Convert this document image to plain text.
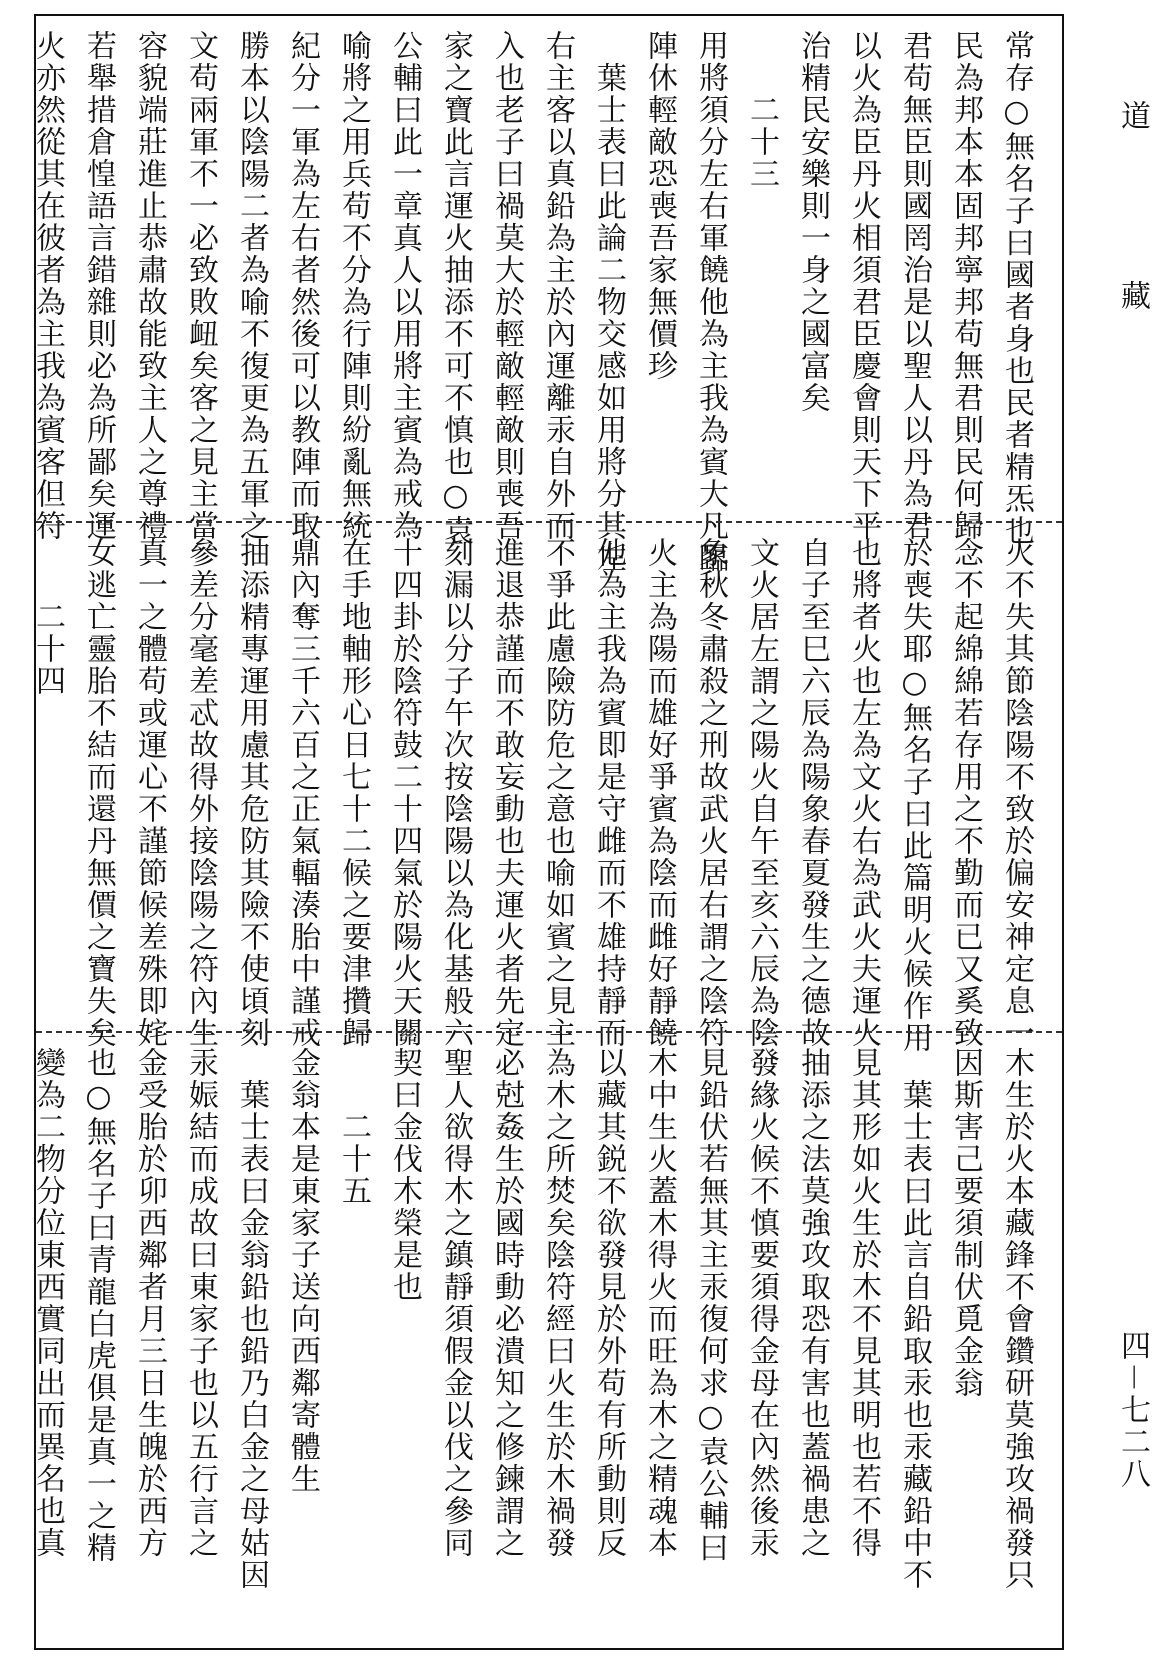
道　藏
四－七二八
常存○無名子曰國者身也民者精炁也
民為邦本本固邦寧邦苟無君則民何歸
君苟無臣則國罔治是以聖人以丹為君
以火為臣丹火相須君臣慶會則天下平
治精民安樂則一身之國富矣
　　二十三
用將須分左右軍饒他為主我為賓大凡臨
陣休輕敵恐喪吾家無價珍
　葉士表曰此論二物交感如用將分其左
右主客以真鉛為主於內運離汞自外而
入也老子曰禍莫大於輕敵輕敵則喪吾
家之寶此言運火抽添不可不慎也○袁
公輔曰此一章真人以用將主賓為戒為
喻將之用兵苟不分為行陣則紛亂無統
紀分一軍為左右者然後可以教陣而取
勝本以陰陽二者為喻不復更為五軍之
文苟兩軍不一必致敗衄矣客之見主當
容貌端莊進止恭肅故能致主人之尊禮
若舉措倉惶語言錯雜則必為所鄙矣運
火亦然從其在彼者為主我為賓客但符
火不失其節陰陽不致於偏安神定息一
念不起綿綿若存用之不勤而已又奚致
於喪失耶○無名子曰此篇明火候作用
也將者火也左為文火右為武火夫運火
自子至巳六辰為陽象春夏發生之德故
文火居左謂之陽火自午至亥六辰為陰
象秋冬肅殺之刑故武火居右謂之陰符
火主為陽而雄好爭賓為陰而雌好靜饒
他為主我為賓即是守雌而不雄持靜而
不爭此慮險防危之意也喻如賓之見主
進退恭謹而不敢妄動也夫運火者先定
刻漏以分子午次按陰陽以為化基般六
十四卦於陰符鼓二十四氣於陽火天關
在手地軸形心日七十二候之要津攢歸
鼎內奪三千六百之正氣輻湊胎中謹戒
抽添精專運用慮其危防其險不使頃刻
參差分毫差忒故得外接陰陽之符內生
真一之體苟或運心不謹節候差殊即姹
女逃亡靈胎不結而還丹無價之寶失矣
　　二十四
木生於火本藏鋒不會鑽研莫強攻禍發只
因斯害己要須制伏覓金翁
　葉士表曰此言自鉛取汞也汞藏鉛中不
見其形如火生於木不見其明也若不得
抽添之法莫強攻取恐有害也蓋禍患之
發緣火候不慎要須得金母在內然後汞
見鉛伏若無其主汞復何求○袁公輔曰
木中生火蓋木得火而旺為木之精魂本
以藏其鋭不欲發見於外苟有所動則反
為木之所焚矣陰符經曰火生於木禍發
必尅姦生於國時動必潰知之修鍊謂之
聖人欲得木之鎮靜須假金以伐之參同
契曰金伐木榮是也
　　二十五
金翁本是東家子送向西鄰寄體生
　葉士表曰金翁鉛也鉛乃白金之母姑因
汞娠結而成故曰東家子也以五行言之
金受胎於卯西鄰者月三日生魄於西方
也○無名子曰青龍白虎俱是真一之精
變為二物分位東西實同出而異名也真
